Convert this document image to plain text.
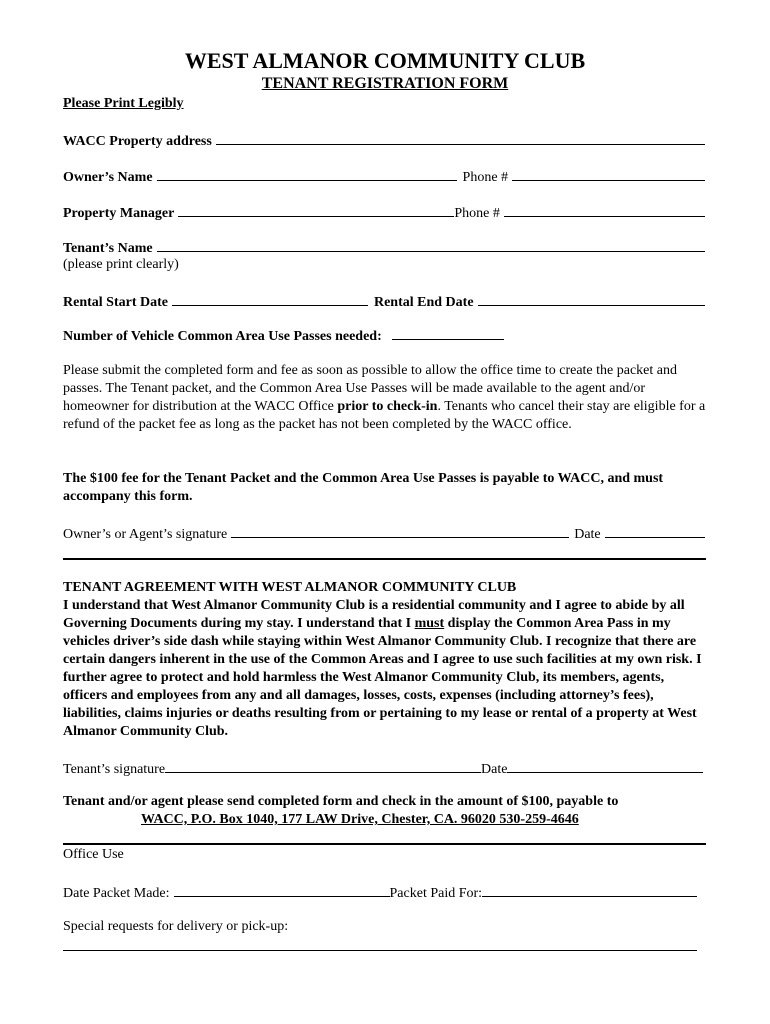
WEST ALMANOR COMMUNITY CLUB
TENANT REGISTRATION FORM
Please Print Legibly
WACC Property address
Owner’s Name	Phone #
Property Manager	Phone #
Tenant’s Name
(please print clearly)
Rental Start Date	Rental End Date
Number of Vehicle Common Area Use Passes needed:
Please submit the completed form and fee as soon as possible to allow the office time to create the packet and passes. The Tenant packet, and the Common Area Use Passes will be made available to the agent and/or homeowner for distribution at the WACC Office prior to check-in. Tenants who cancel their stay are eligible for a refund of the packet fee as long as the packet has not been completed by the WACC office.
The $100 fee for the Tenant Packet and the Common Area Use Passes is payable to WACC, and must accompany this form.
Owner’s or Agent’s signature	Date
TENANT AGREEMENT WITH WEST ALMANOR COMMUNITY CLUB
I understand that West Almanor Community Club is a residential community and I agree to abide by all Governing Documents during my stay. I understand that I must display the Common Area Pass in my vehicles driver’s side dash while staying within West Almanor Community Club. I recognize that there are certain dangers inherent in the use of the Common Areas and I agree to use such facilities at my own risk. I further agree to protect and hold harmless the West Almanor Community Club, its members, agents, officers and employees from any and all damages, losses, costs, expenses (including attorney’s fees), liabilities, claims injuries or deaths resulting from or pertaining to my lease or rental of a property at West Almanor Community Club.
Tenant’s signature	Date
Tenant and/or agent please send completed form and check in the amount of $100, payable to
WACC, P.O. Box 1040, 177 LAW Drive, Chester, CA. 96020 530-259-4646
Office Use
Date Packet Made:	Packet Paid For:
Special requests for delivery or pick-up:
